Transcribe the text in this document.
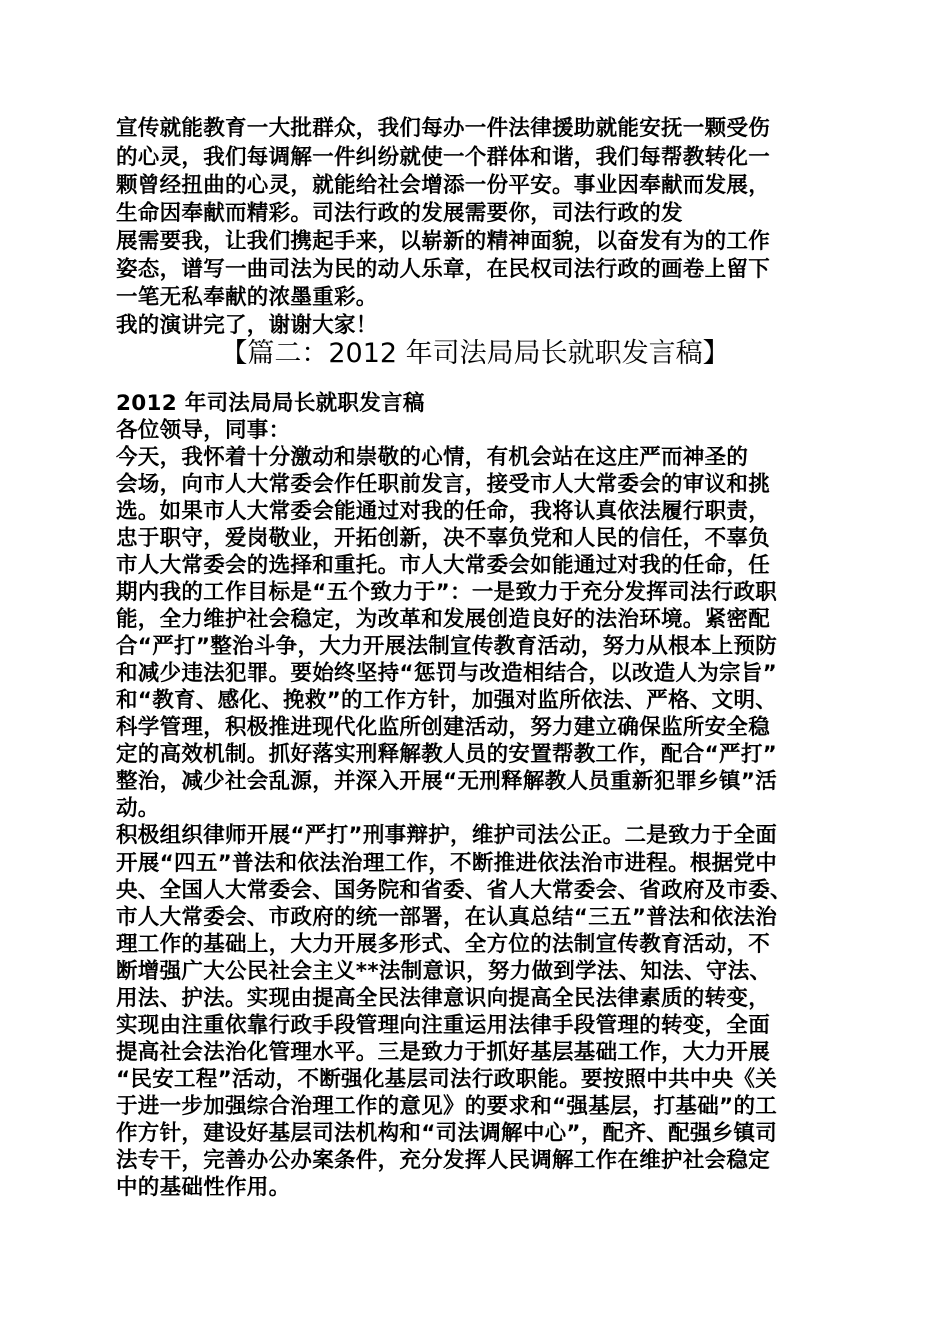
宣传就能教育一大批群众，我们每办一件法律援助就能安抚一颗受伤
的心灵，我们每调解一件纠纷就使一个群体和谐，我们每帮教转化一
颗曾经扭曲的心灵，就能给社会增添一份平安。事业因奉献而发展，
生命因奉献而精彩。司法行政的发展需要你，司法行政的发
展需要我，让我们携起手来，以崭新的精神面貌，以奋发有为的工作
姿态，谱写一曲司法为民的动人乐章，在民权司法行政的画卷上留下
一笔无私奉献的浓墨重彩。
我的演讲完了，谢谢大家！
【篇二：2012 年司法局局长就职发言稿】
2012 年司法局局长就职发言稿
各位领导，同事：
今天，我怀着十分激动和崇敬的心情，有机会站在这庄严而神圣的
会场，向市人大常委会作任职前发言，接受市人大常委会的审议和挑
选。如果市人大常委会能通过对我的任命，我将认真依法履行职责，
忠于职守，爱岗敬业，开拓创新，决不辜负党和人民的信任，不辜负
市人大常委会的选择和重托。市人大常委会如能通过对我的任命，任
期内我的工作目标是“五个致力于”：一是致力于充分发挥司法行政职
能，全力维护社会稳定，为改革和发展创造良好的法治环境。紧密配
合“严打”整治斗争，大力开展法制宣传教育活动，努力从根本上预防
和减少违法犯罪。要始终坚持“惩罚与改造相结合，以改造人为宗旨”
和“教育、感化、挽救”的工作方针，加强对监所依法、严格、文明、
科学管理，积极推进现代化监所创建活动，努力建立确保监所安全稳
定的高效机制。抓好落实刑释解教人员的安置帮教工作，配合“严打”
整治，减少社会乱源，并深入开展“无刑释解教人员重新犯罪乡镇”活
动。
积极组织律师开展“严打”刑事辩护，维护司法公正。二是致力于全面
开展“四五”普法和依法治理工作，不断推进依法治市进程。根据党中
央、全国人大常委会、国务院和省委、省人大常委会、省政府及市委、
市人大常委会、市政府的统一部署，在认真总结“三五”普法和依法治
理工作的基础上，大力开展多形式、全方位的法制宣传教育活动，不
断增强广大公民社会主义**法制意识，努力做到学法、知法、守法、
用法、护法。实现由提高全民法律意识向提高全民法律素质的转变，
实现由注重依靠行政手段管理向注重运用法律手段管理的转变，全面
提高社会法治化管理水平。三是致力于抓好基层基础工作，大力开展
“民安工程”活动，不断强化基层司法行政职能。要按照中共中央《关
于进一步加强综合治理工作的意见》的要求和“强基层，打基础”的工
作方针，建设好基层司法机构和“司法调解中心”，配齐、配强乡镇司
法专干，完善办公办案条件，充分发挥人民调解工作在维护社会稳定
中的基础性作用。
